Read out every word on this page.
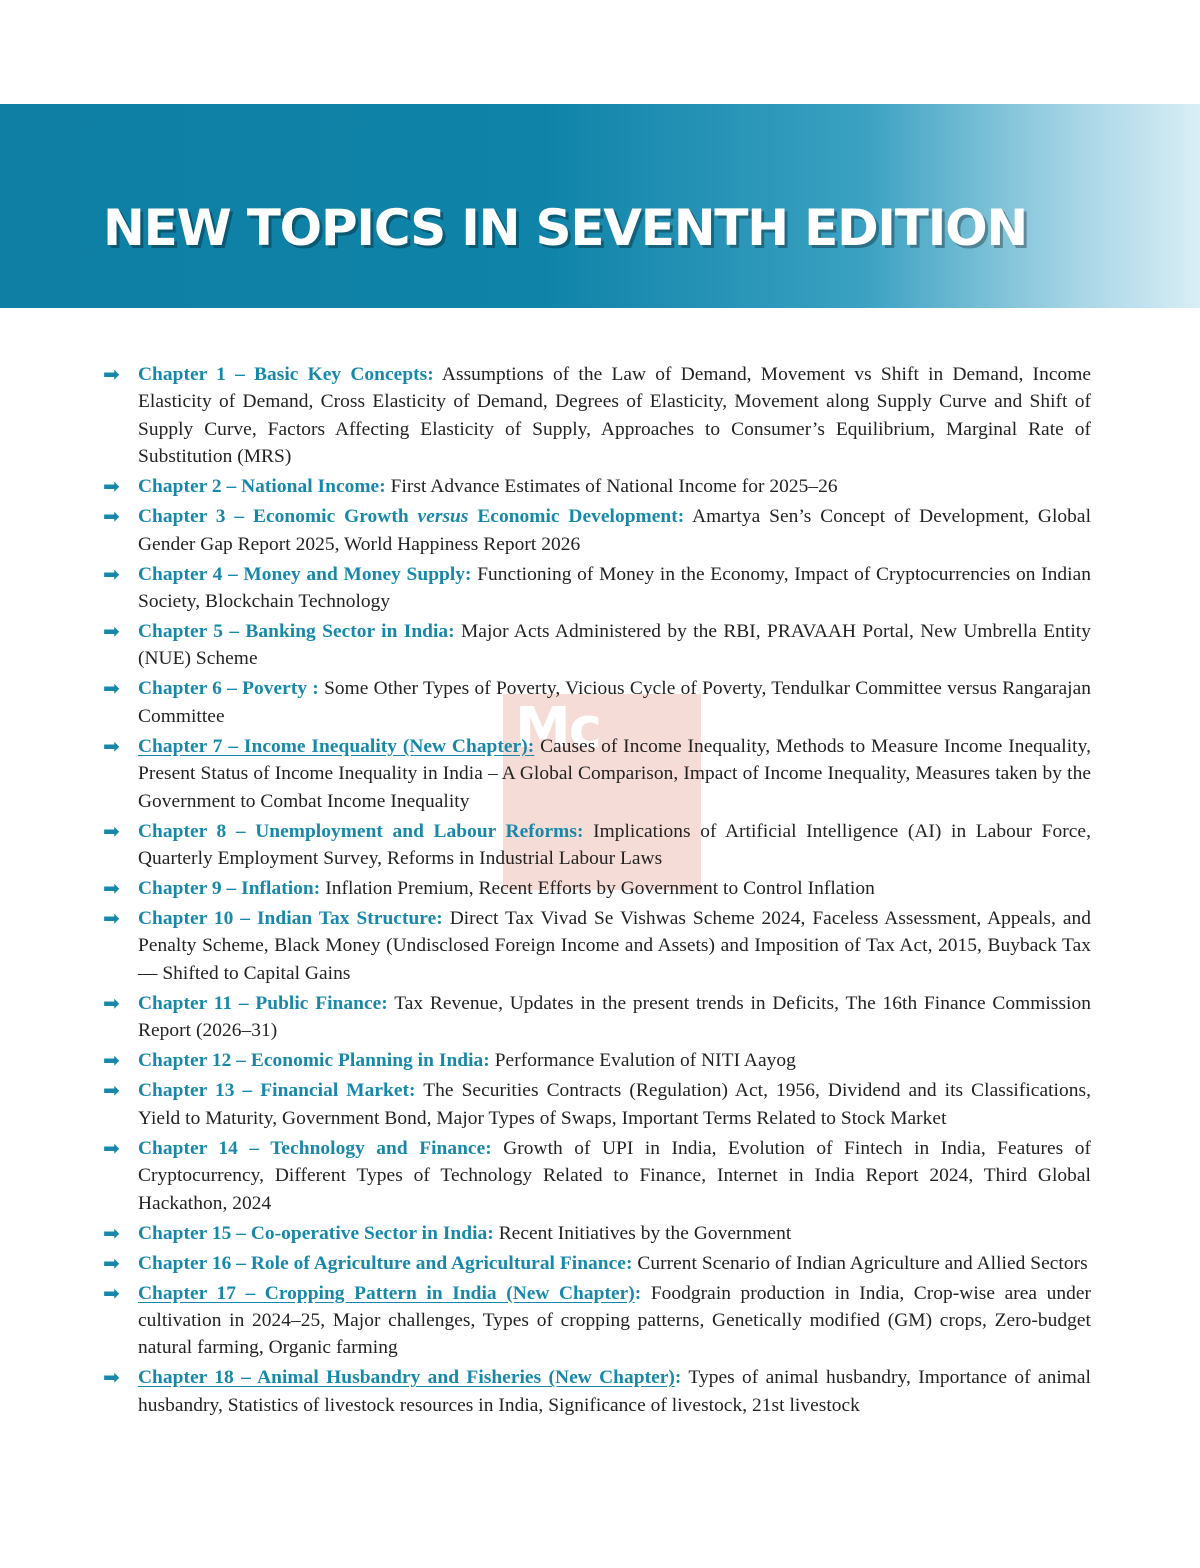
NEW TOPICS IN SEVENTH EDITION
Mc
➡ Chapter 1 – Basic Key Concepts: Assumptions of the Law of Demand, Movement vs Shift in Demand, Income Elasticity of Demand, Cross Elasticity of Demand, Degrees of Elasticity, Movement along Supply Curve and Shift of Supply Curve, Factors Affecting Elasticity of Supply, Approaches to Consumer’s Equilibrium, Marginal Rate of Substitution (MRS)

➡ Chapter 2 – National Income: First Advance Estimates of National Income for 2025–26

➡ Chapter 3 – Economic Growth versus Economic Development: Amartya Sen’s Concept of Development, Global Gender Gap Report 2025, World Happiness Report 2026

➡ Chapter 4 – Money and Money Supply: Functioning of Money in the Economy, Impact of Cryptocurrencies on Indian Society, Blockchain Technology

➡ Chapter 5 – Banking Sector in India: Major Acts Administered by the RBI, PRAVAAH Portal, New Umbrella Entity (NUE) Scheme

➡ Chapter 6 – Poverty : Some Other Types of Poverty, Vicious Cycle of Poverty, Tendulkar Committee versus Rangarajan Committee

➡ Chapter 7 – Income Inequality (New Chapter): Causes of Income Inequality, Methods to Measure Income Inequality, Present Status of Income Inequality in India – A Global Comparison, Impact of Income Inequality, Measures taken by the Government to Combat Income Inequality

➡ Chapter 8 – Unemployment and Labour Reforms: Implications of Artificial Intelligence (AI) in Labour Force, Quarterly Employment Survey, Reforms in Industrial Labour Laws

➡ Chapter 9 – Inflation: Inflation Premium, Recent Efforts by Government to Control Inflation

➡ Chapter 10 – Indian Tax Structure: Direct Tax Vivad Se Vishwas Scheme 2024, Faceless Assessment, Appeals, and Penalty Scheme, Black Money (Undisclosed Foreign Income and Assets) and Imposition of Tax Act, 2015, Buyback Tax — Shifted to Capital Gains

➡ Chapter 11 – Public Finance: Tax Revenue, Updates in the present trends in Deficits, The 16th Finance Commission Report (2026–31)

➡ Chapter 12 – Economic Planning in India: Performance Evalution of NITI Aayog

➡ Chapter 13 – Financial Market: The Securities Contracts (Regulation) Act, 1956, Dividend and its Classifications, Yield to Maturity, Government Bond, Major Types of Swaps, Important Terms Related to Stock Market

➡ Chapter 14 – Technology and Finance: Growth of UPI in India, Evolution of Fintech in India, Features of Cryptocurrency, Different Types of Technology Related to Finance, Internet in India Report 2024, Third Global Hackathon, 2024

➡ Chapter 15 – Co-operative Sector in India: Recent Initiatives by the Government

➡ Chapter 16 – Role of Agriculture and Agricultural Finance: Current Scenario of Indian Agriculture and Allied Sectors

➡ Chapter 17 – Cropping Pattern in India (New Chapter): Foodgrain production in India, Crop-wise area under cultivation in 2024–25, Major challenges, Types of cropping patterns, Genetically modified (GM) crops, Zero-budget natural farming, Organic farming

➡ Chapter 18 – Animal Husbandry and Fisheries (New Chapter): Types of animal husbandry, Importance of animal husbandry, Statistics of livestock resources in India, Significance of livestock, 21st livestock
